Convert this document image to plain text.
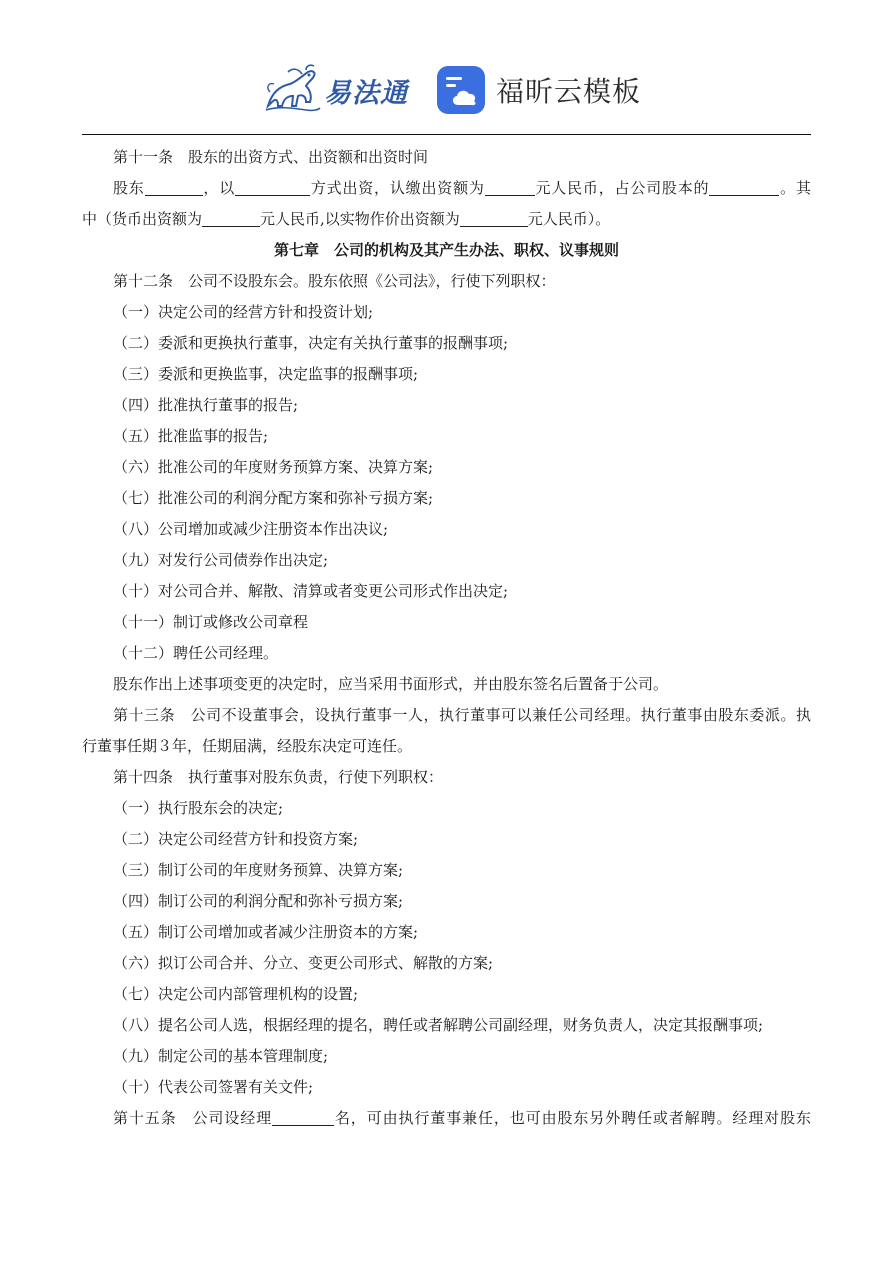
易法通	福昕云模板
第十一条　股东的出资方式、出资额和出资时间
股东	，以	方式出资，认缴出资额为	元人民币，占公司股本的	。其
中（货币出资额为	元人民币,以实物作价出资额为	元人民币）。
第七章　公司的机构及其产生办法、职权、议事规则
第十二条　公司不设股东会。股东依照《公司法》，行使下列职权：
（一）决定公司的经营方针和投资计划;
（二）委派和更换执行董事，决定有关执行董事的报酬事项;
（三）委派和更换监事，决定监事的报酬事项;
（四）批准执行董事的报告;
（五）批准监事的报告;
（六）批准公司的年度财务预算方案、决算方案;
（七）批准公司的利润分配方案和弥补亏损方案;
（八）公司增加或减少注册资本作出决议;
（九）对发行公司债券作出决定;
（十）对公司合并、解散、清算或者变更公司形式作出决定;
（十一）制订或修改公司章程
（十二）聘任公司经理。
股东作出上述事项变更的决定时，应当采用书面形式，并由股东签名后置备于公司。
第十三条　公司不设董事会，设执行董事一人，执行董事可以兼任公司经理。执行董事由股东委派。执
行董事任期３年，任期届满，经股东决定可连任。
第十四条　执行董事对股东负责，行使下列职权：
（一）执行股东会的决定;
（二）决定公司经营方针和投资方案;
（三）制订公司的年度财务预算、决算方案;
（四）制订公司的利润分配和弥补亏损方案;
（五）制订公司增加或者减少注册资本的方案;
（六）拟订公司合并、分立、变更公司形式、解散的方案;
（七）决定公司内部管理机构的设置;
（八）提名公司人选，根据经理的提名，聘任或者解聘公司副经理，财务负责人，决定其报酬事项;
（九）制定公司的基本管理制度;
（十）代表公司签署有关文件;
第十五条　公司设经理	名，可由执行董事兼任，也可由股东另外聘任或者解聘。经理对股东
